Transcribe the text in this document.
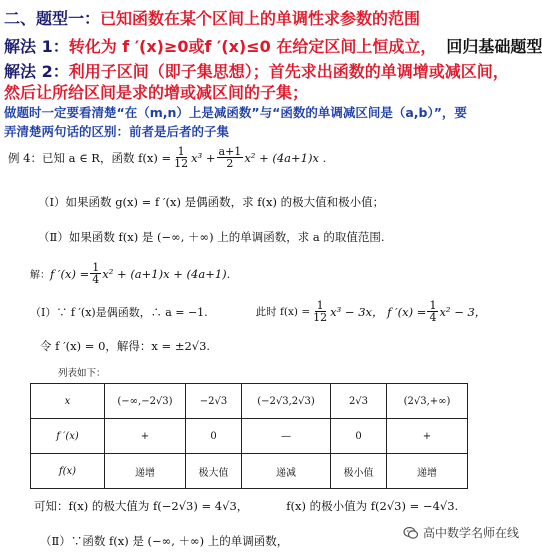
二、题型一：已知函数在某个区间上的单调性求参数的范围
解法 1：转化为 f ′(x)≥0或f ′(x)≤0 在给定区间上恒成立， 回归基础题型
解法 2：利用子区间（即子集思想）；首先求出函数的单调增或减区间，
然后让所给区间是求的增或减区间的子集；
做题时一定要看清楚“在（m,n）上是减函数”与“函数的单调减区间是（a,b）”，要
弄清楚两句话的区别：前者是后者的子集
例 4：已知 a ∈ R，函数 $f(x) = \frac{1}{12} x^3 + \frac{a+1}{2} x^2 + (4a+1)x$ .
（Ⅰ）如果函数 g(x) = f ′(x) 是偶函数，求 f(x) 的极大值和极小值；
（Ⅱ）如果函数 f(x) 是 (−∞, ＋∞) 上的单调函数，求 a 的取值范围.
解： f $'(x) = \frac{1}{4} x^2 + (a+1)x + (4a+1)$.
（Ⅰ）∵ f ′(x)是偶函数，∴ a = −1.	此时 $f(x) = \frac{1}{12} x^3 - 3x$， f $'(x) = \frac{1}{4} x^2 - 3$，
令 f ′(x) = 0，解得：x = ±2√3.
列表如下：
x	(−∞,−2√3)	−2√3	(−2√3,2√3)	2√3	(2√3,+∞)
f ′(x)	+	0	—	0	+
f(x)	递增	极大值	递减	极小值	递增
可知：f(x) 的极大值为 f(−2√3) = 4√3，	f(x) 的极小值为 f(2√3) = −4√3.
（Ⅱ）∵函数 f(x) 是 (−∞, ＋∞) 上的单调函数，
高中数学名师在线
